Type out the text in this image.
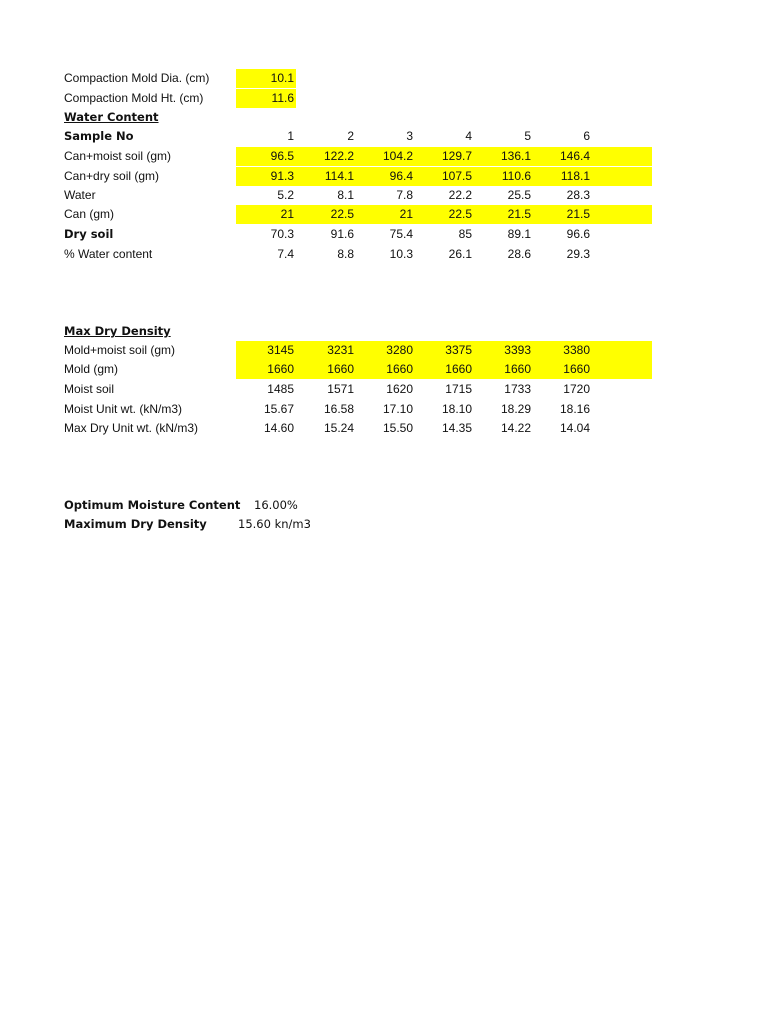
Compaction Mold Dia. (cm)	10.1
Compaction Mold Ht. (cm)	11.6
Water Content
Sample No	1	2	3	4	5	6
Can+moist soil (gm)	96.5	122.2	104.2	129.7	136.1	146.4
Can+dry soil (gm)	91.3	114.1	96.4	107.5	110.6	118.1
Water	5.2	8.1	7.8	22.2	25.5	28.3
Can (gm)	21	22.5	21	22.5	21.5	21.5
Dry soil	70.3	91.6	75.4	85	89.1	96.6
% Water content	7.4	8.8	10.3	26.1	28.6	29.3
Max Dry Density
Mold+moist soil (gm)	3145	3231	3280	3375	3393	3380
Mold (gm)	1660	1660	1660	1660	1660	1660
Moist soil	1485	1571	1620	1715	1733	1720
Moist Unit wt. (kN/m3)	15.67	16.58	17.10	18.10	18.29	18.16
Max Dry Unit wt. (kN/m3)	14.60	15.24	15.50	14.35	14.22	14.04
Optimum Moisture Content 16.00%
Maximum Dry Density	15.60 kn/m3
